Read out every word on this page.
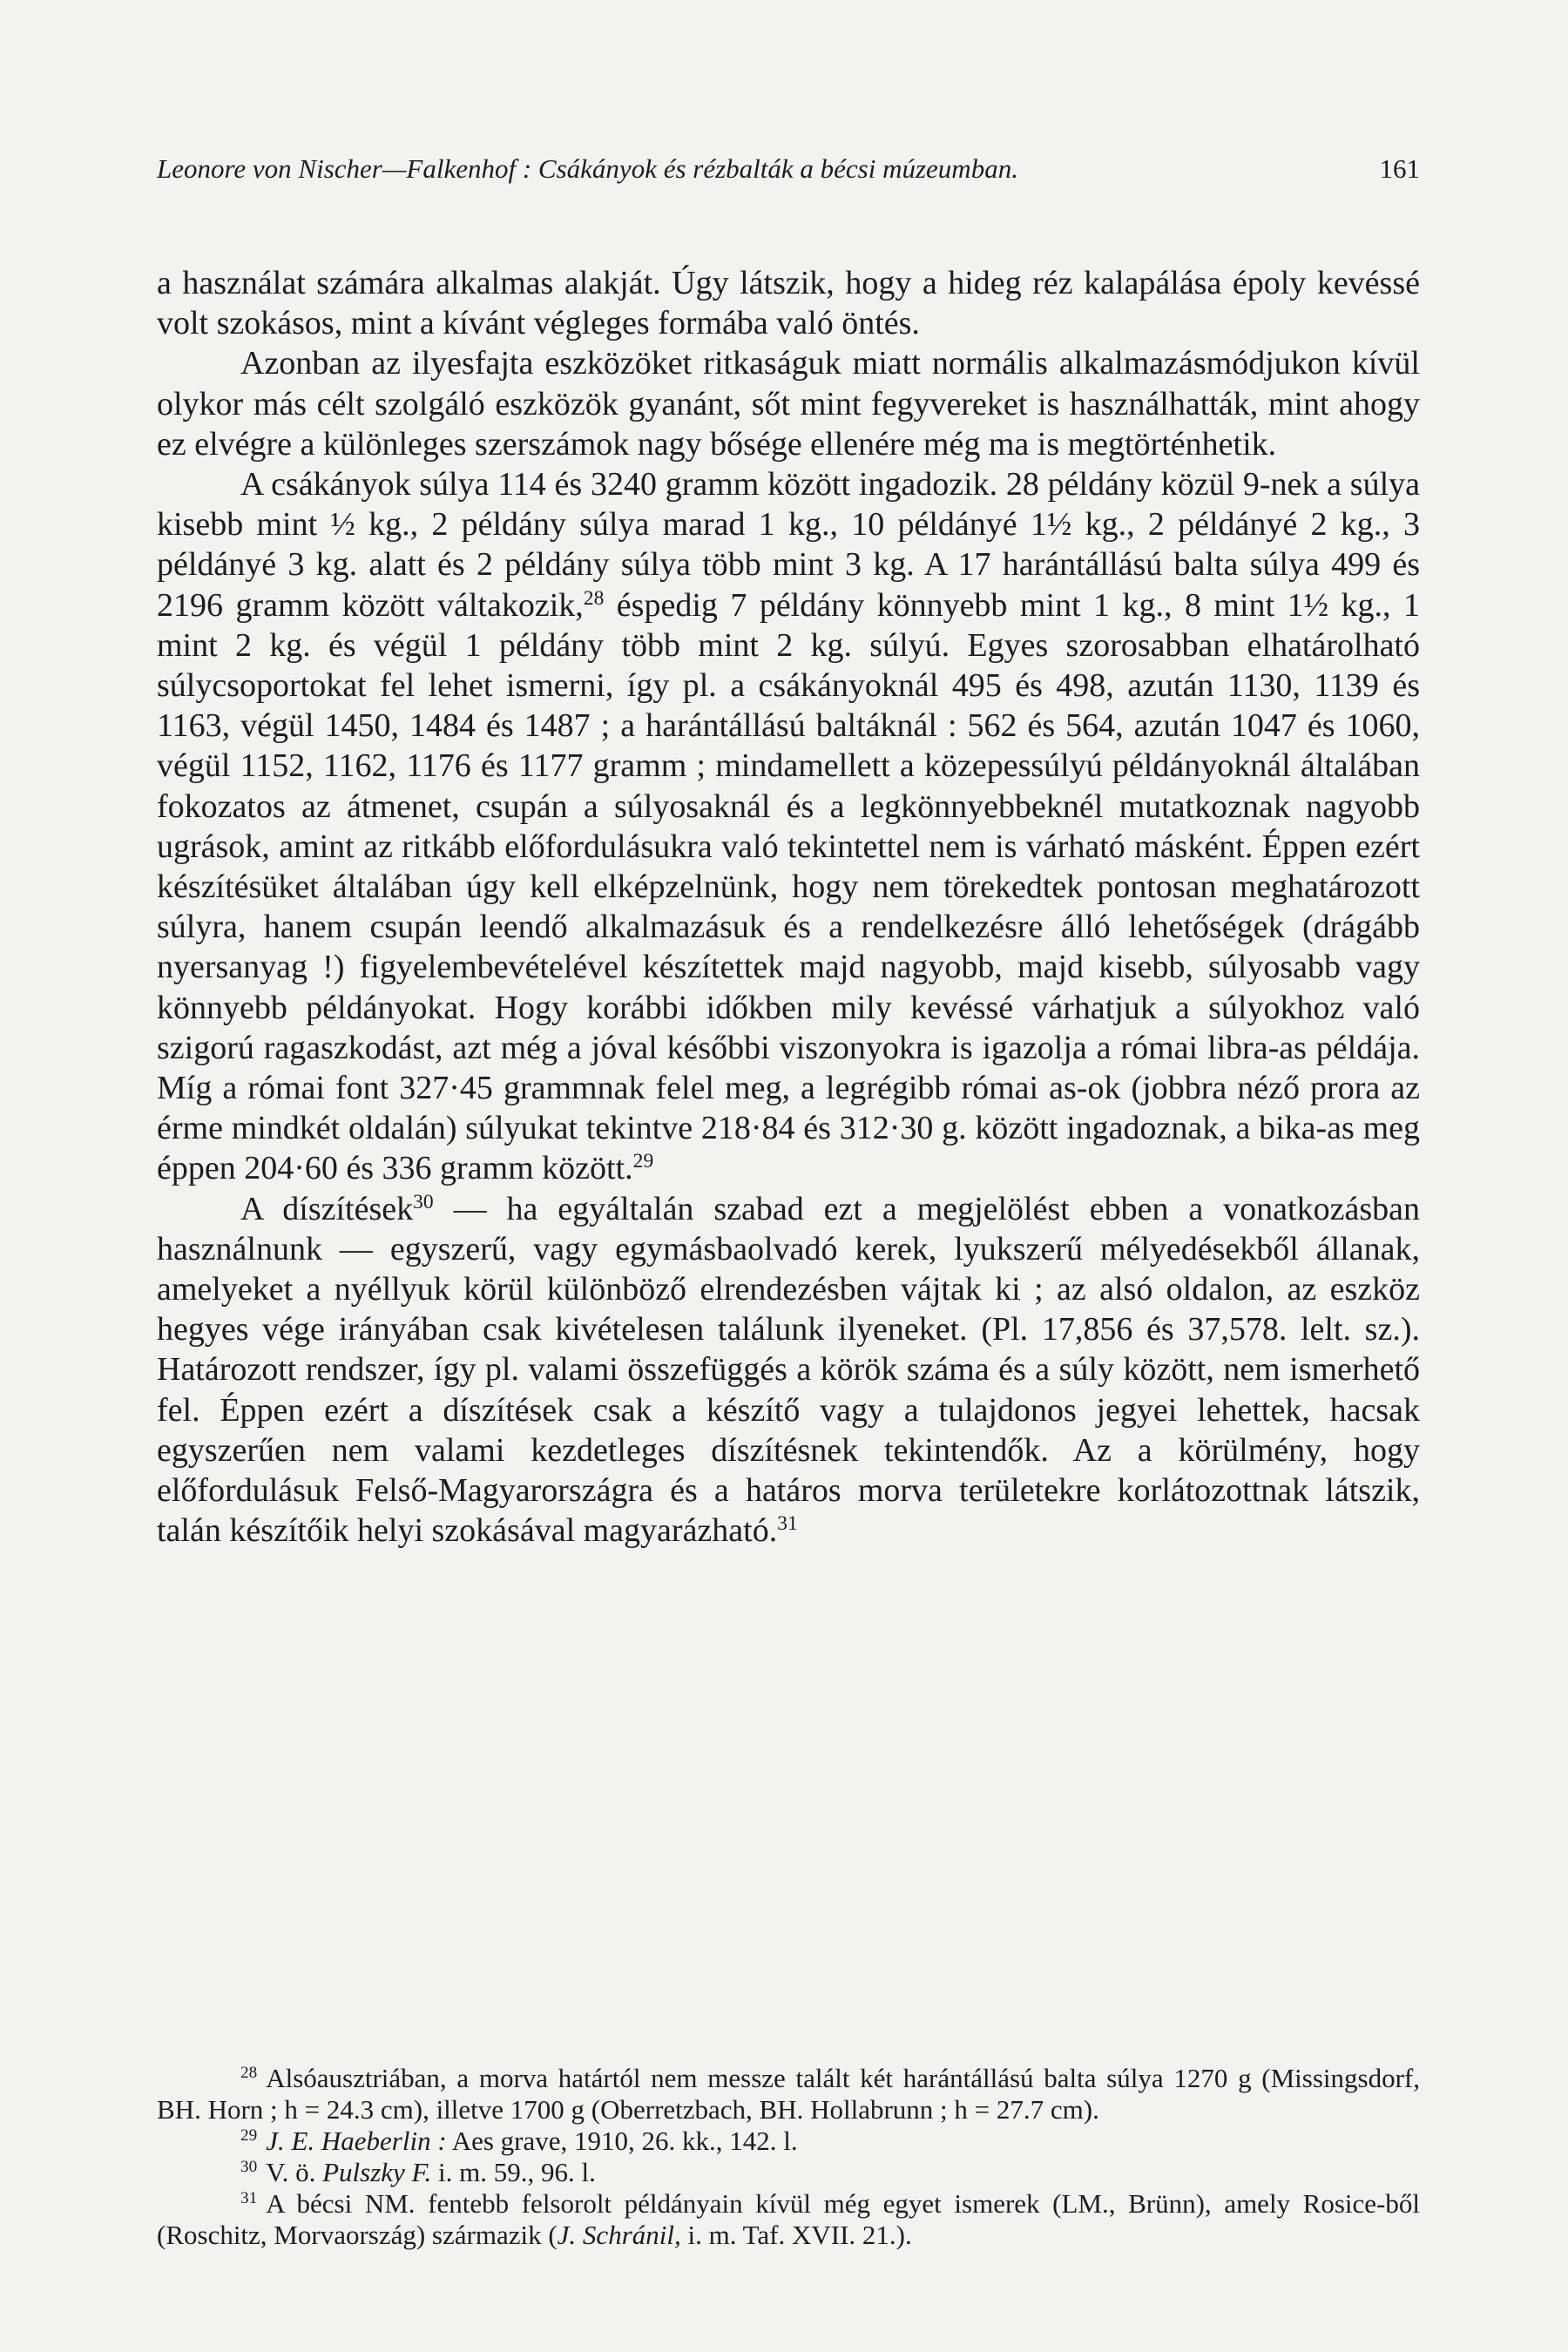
Leonore von Nischer—Falkenhof : Csákányok és rézbalták a bécsi múzeumban.	161

a használat számára alkalmas alakját. Úgy látszik, hogy a hideg réz kalapálása époly kevéssé volt szokásos, mint a kívánt végleges formába való öntés.

Azonban az ilyesfajta eszközöket ritkaságuk miatt normális alkalmazásmódjukon kívül olykor más célt szolgáló eszközök gyanánt, sőt mint fegyvereket is használhatták, mint ahogy ez elvégre a különleges szerszámok nagy bősége ellenére még ma is megtörténhetik.

A csákányok súlya 114 és 3240 gramm között ingadozik. 28 példány közül 9-nek a súlya kisebb mint ½ kg., 2 példány súlya marad 1 kg., 10 példányé 1½ kg., 2 példányé 2 kg., 3 példányé 3 kg. alatt és 2 példány súlya több mint 3 kg. A 17 harántállású balta súlya 499 és 2196 gramm között váltakozik,$^{28}$ éspedig 7 példány könnyebb mint 1 kg., 8 mint 1½ kg., 1 mint 2 kg. és végül 1 példány több mint 2 kg. súlyú. Egyes szorosabban elhatárolható súlycsoportokat fel lehet ismerni, így pl. a csákányoknál 495 és 498, azután 1130, 1139 és 1163, végül 1450, 1484 és 1487 ; a harántállású baltáknál : 562 és 564, azután 1047 és 1060, végül 1152, 1162, 1176 és 1177 gramm ; mindamellett a közepessúlyú példányoknál általában fokozatos az átmenet, csupán a súlyosaknál és a legkönnyebbeknél mutatkoznak nagyobb ugrások, amint az ritkább előfordulásukra való tekintettel nem is várható másként. Éppen ezért készítésüket általában úgy kell elképzelnünk, hogy nem törekedtek pontosan meghatározott súlyra, hanem csupán leendő alkalmazásuk és a rendelkezésre álló lehetőségek (drágább nyersanyag !) figyelembevételével készítettek majd nagyobb, majd kisebb, súlyosabb vagy könnyebb példányokat. Hogy korábbi időkben mily kevéssé várhatjuk a súlyokhoz való szigorú ragaszkodást, azt még a jóval későbbi viszonyokra is igazolja a római libra-as példája. Míg a római font 327·45 grammnak felel meg, a legrégibb római as-ok (jobbra néző prora az érme mindkét oldalán) súlyukat tekintve 218·84 és 312·30 g. között ingadoznak, a bika-as meg éppen 204·60 és 336 gramm között.$^{29}$

A díszítések$^{30}$ — ha egyáltalán szabad ezt a megjelölést ebben a vonatkozásban használnunk — egyszerű, vagy egymásbaolvadó kerek, lyukszerű mélyedésekből állanak, amelyeket a nyéllyuk körül különböző elrendezésben vájtak ki ; az alsó oldalon, az eszköz hegyes vége irányában csak kivételesen találunk ilyeneket. (Pl. 17,856 és 37,578. lelt. sz.). Határozott rendszer, így pl. valami összefüggés a körök száma és a súly között, nem ismerhető fel. Éppen ezért a díszítések csak a készítő vagy a tulajdonos jegyei lehettek, hacsak egyszerűen nem valami kezdetleges díszítésnek tekintendők. Az a körülmény, hogy előfordulásuk Felső-Magyarországra és a határos morva területekre korlátozottnak látszik, talán készítőik helyi szokásával magyarázható.$^{31}$

$^{28}$ Alsóausztriában, a morva határtól nem messze talált két harántállású balta súlya 1270 g (Missingsdorf, BH. Horn ; h = 24.3 cm), illetve 1700 g (Oberretzbach, BH. Hollabrunn ; h = 27.7 cm).

$^{29}$ J. E. Haeberlin : Aes grave, 1910, 26. kk., 142. l.

$^{30}$ V. ö. Pulszky F. i. m. 59., 96. l.

$^{31}$ A bécsi NM. fentebb felsorolt példányain kívül még egyet ismerek (LM., Brünn), amely Rosice-ből (Roschitz, Morvaország) származik (J. Schránil, i. m. Taf. XVII. 21.).
